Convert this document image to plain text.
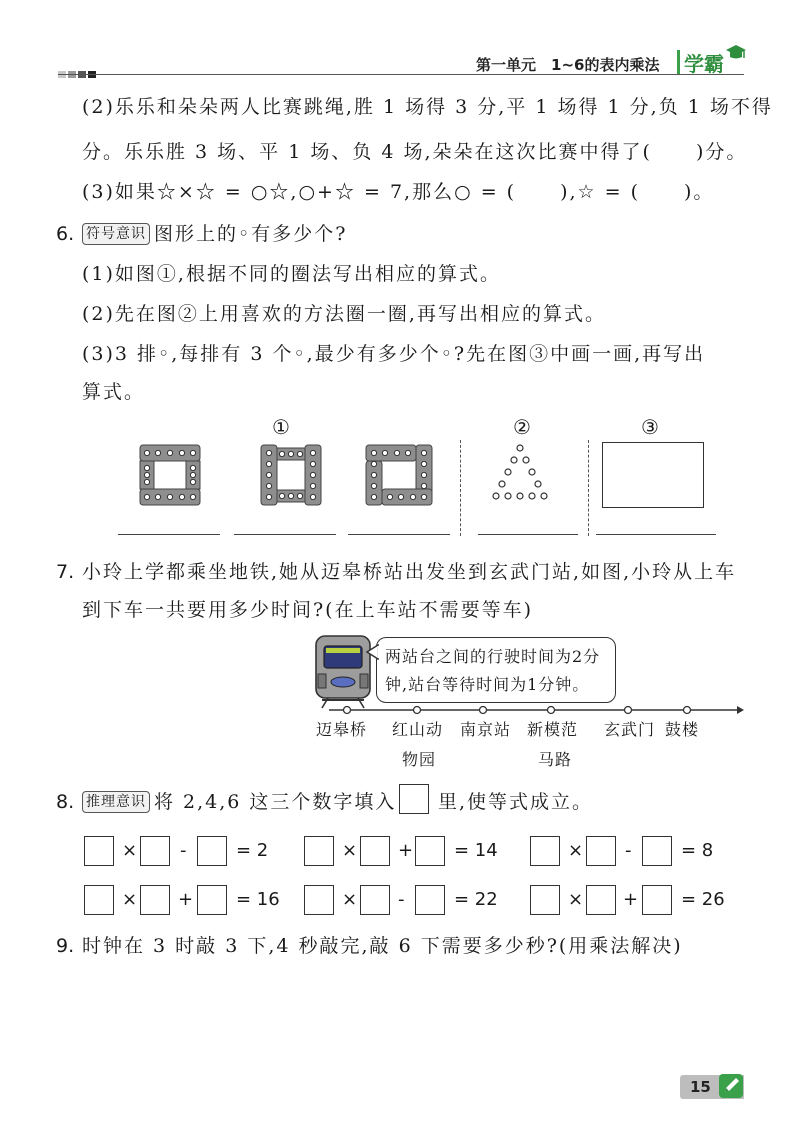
第一单元　1~6的表内乘法 学霸
(2)乐乐和朵朵两人比赛跳绳,胜 1 场得 3 分,平 1 场得 1 分,负 1 场不得
分。乐乐胜 3 场、平 1 场、负 4 场,朵朵在这次比赛中得了( )分。
(3)如果☆×☆ = ○☆,○+☆ = 7,那么○ = ( ),☆ = ( )。
6. 符号意识 图形上的◦有多少个?
(1)如图①,根据不同的圈法写出相应的算式。
(2)先在图②上用喜欢的方法圈一圈,再写出相应的算式。
(3)3 排◦,每排有 3 个◦,最少有多少个◦?先在图③中画一画,再写出
算式。
①	②	③
7. 小玲上学都乘坐地铁,她从迈皋桥站出发坐到玄武门站,如图,小玲从上车
到下车一共要用多少时间?(在上车站不需要等车)
两站台之间的行驶时间为2分
钟,站台等待时间为1分钟。
迈皋桥 红山动
物园
南京站 新模范
马路
玄武门 鼓楼
8. 推理意识 将 2,4,6 这三个数字填入 里,使等式成立。
× -	= 2	× + = 14	× -	= 8
× + = 16	× -	= 22	× + = 26
9. 时钟在 3 时敲 3 下,4 秒敲完,敲 6 下需要多少秒?(用乘法解决)
15
